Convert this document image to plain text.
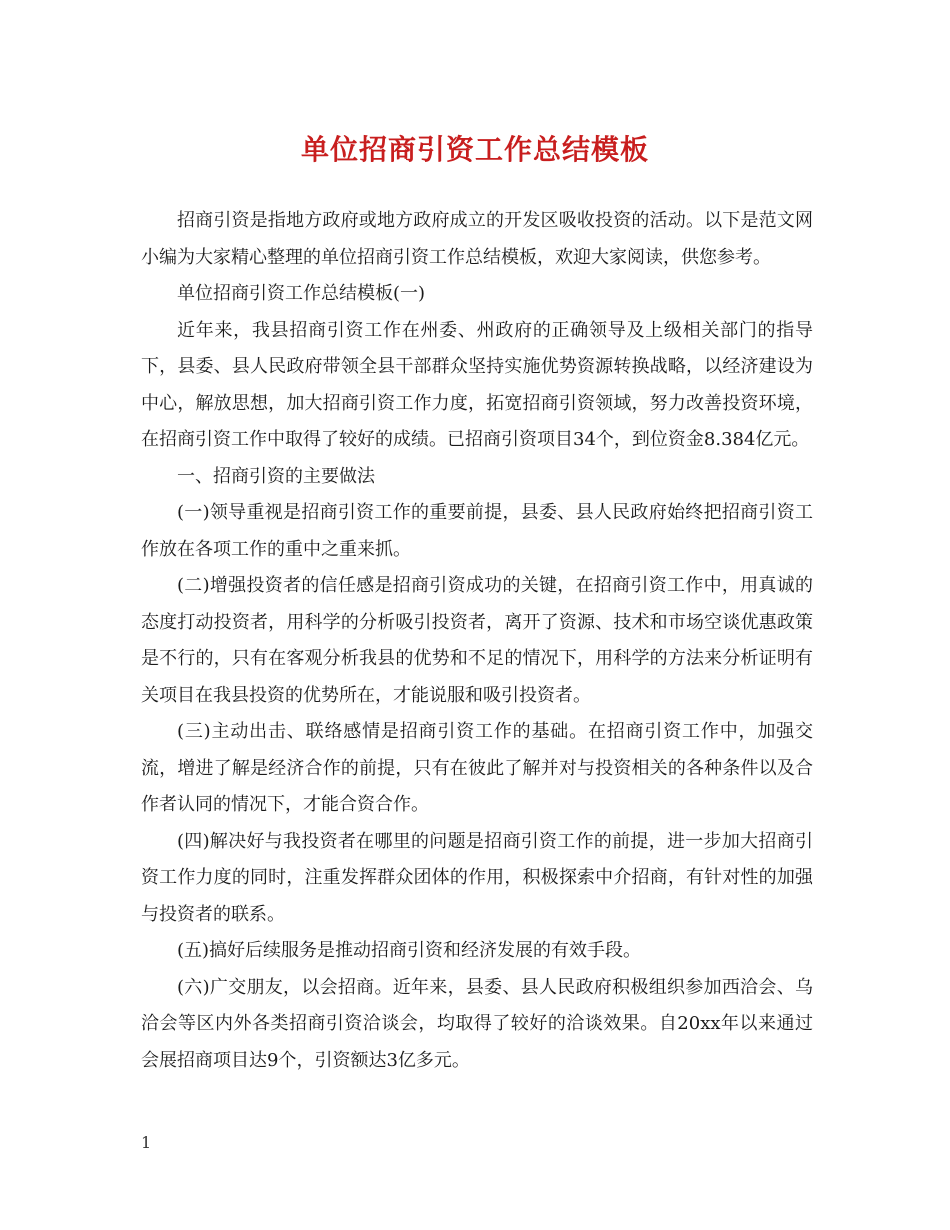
单位招商引资工作总结模板

招商引资是指地方政府或地方政府成立的开发区吸收投资的活动。以下是范文网小编为大家精心整理的单位招商引资工作总结模板，欢迎大家阅读，供您参考。

单位招商引资工作总结模板(一)

近年来，我县招商引资工作在州委、州政府的正确领导及上级相关部门的指导下，县委、县人民政府带领全县干部群众坚持实施优势资源转换战略，以经济建设为中心，解放思想，加大招商引资工作力度，拓宽招商引资领域，努力改善投资环境，在招商引资工作中取得了较好的成绩。已招商引资项目34个，到位资金8.384亿元。

一、招商引资的主要做法

(一)领导重视是招商引资工作的重要前提，县委、县人民政府始终把招商引资工作放在各项工作的重中之重来抓。

(二)增强投资者的信任感是招商引资成功的关键，在招商引资工作中，用真诚的态度打动投资者，用科学的分析吸引投资者，离开了资源、技术和市场空谈优惠政策是不行的，只有在客观分析我县的优势和不足的情况下，用科学的方法来分析证明有关项目在我县投资的优势所在，才能说服和吸引投资者。

(三)主动出击、联络感情是招商引资工作的基础。在招商引资工作中，加强交流，增进了解是经济合作的前提，只有在彼此了解并对与投资相关的各种条件以及合作者认同的情况下，才能合资合作。

(四)解决好与我投资者在哪里的问题是招商引资工作的前提，进一步加大招商引资工作力度的同时，注重发挥群众团体的作用，积极探索中介招商，有针对性的加强与投资者的联系。

(五)搞好后续服务是推动招商引资和经济发展的有效手段。

(六)广交朋友，以会招商。近年来，县委、县人民政府积极组织参加西洽会、乌洽会等区内外各类招商引资洽谈会，均取得了较好的洽谈效果。自20xx年以来通过会展招商项目达9个，引资额达3亿多元。

1
